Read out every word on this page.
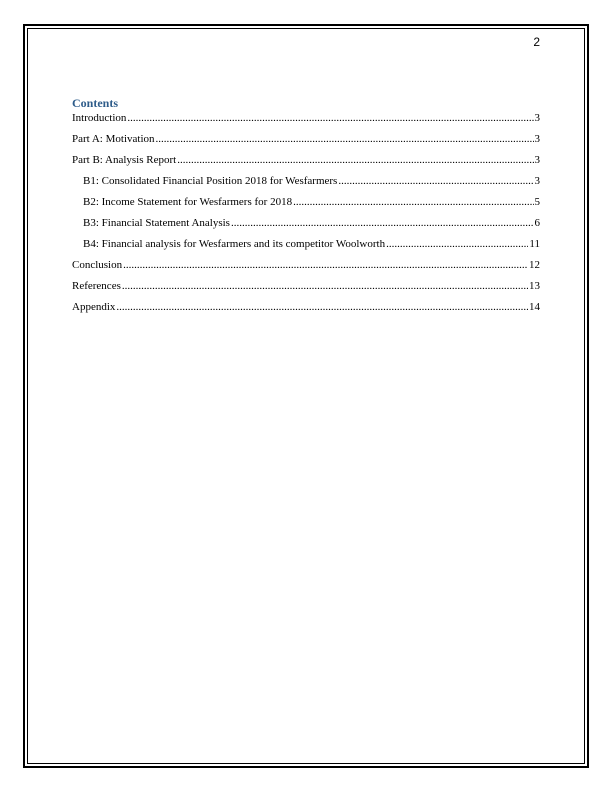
2
Contents
Introduction .....	3
Part A: Motivation .....	3
Part B: Analysis Report .....	3
B1: Consolidated Financial Position 2018 for Wesfarmers .....	3
B2: Income Statement for Wesfarmers for 2018 .....	5
B3: Financial Statement Analysis .....	6
B4: Financial analysis for Wesfarmers and its competitor Woolworth .....	11
Conclusion .....	12
References .....	13
Appendix .....	14
